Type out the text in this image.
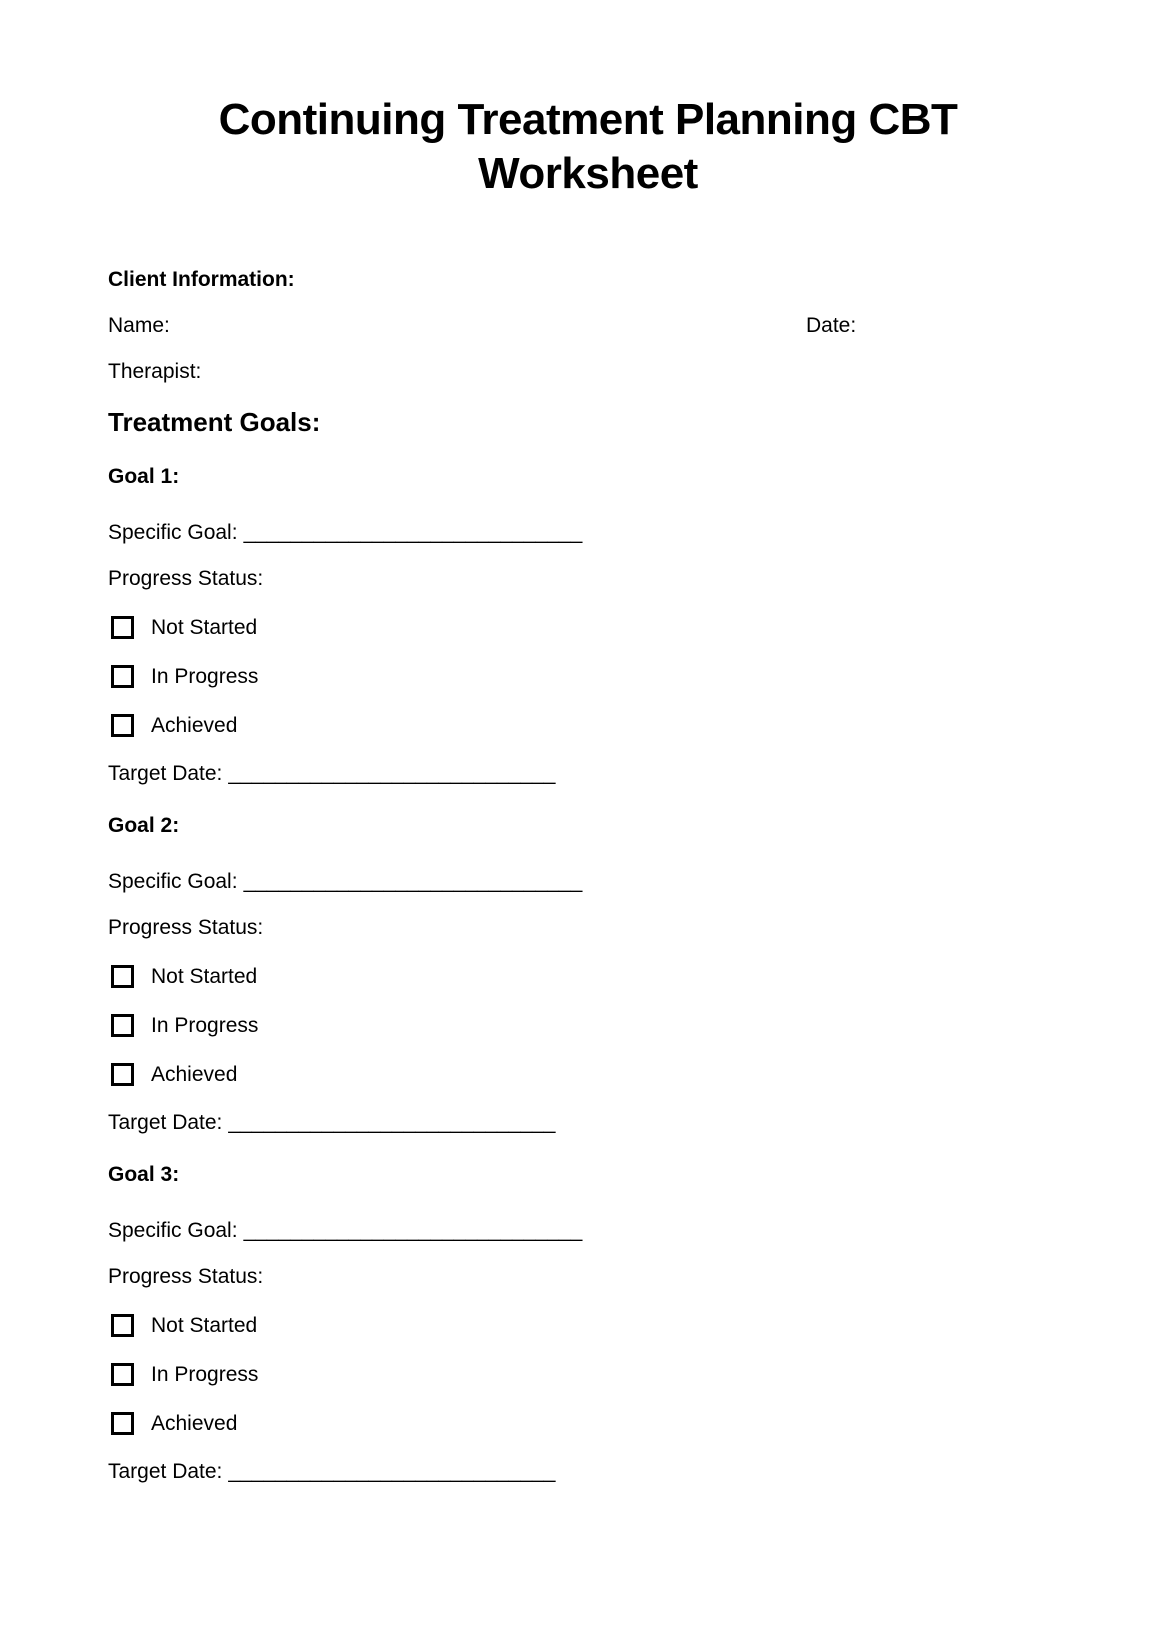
Continuing Treatment Planning CBT
Worksheet
Client Information:
Name:	Date:
Therapist:
Treatment Goals:
Goal 1:
Specific Goal: _____________________________
Progress Status:
Not Started
In Progress
Achieved
Target Date: ____________________________
Goal 2:
Specific Goal: _____________________________
Progress Status:
Not Started
In Progress
Achieved
Target Date: ____________________________
Goal 3:
Specific Goal: _____________________________
Progress Status:
Not Started
In Progress
Achieved
Target Date: ____________________________
